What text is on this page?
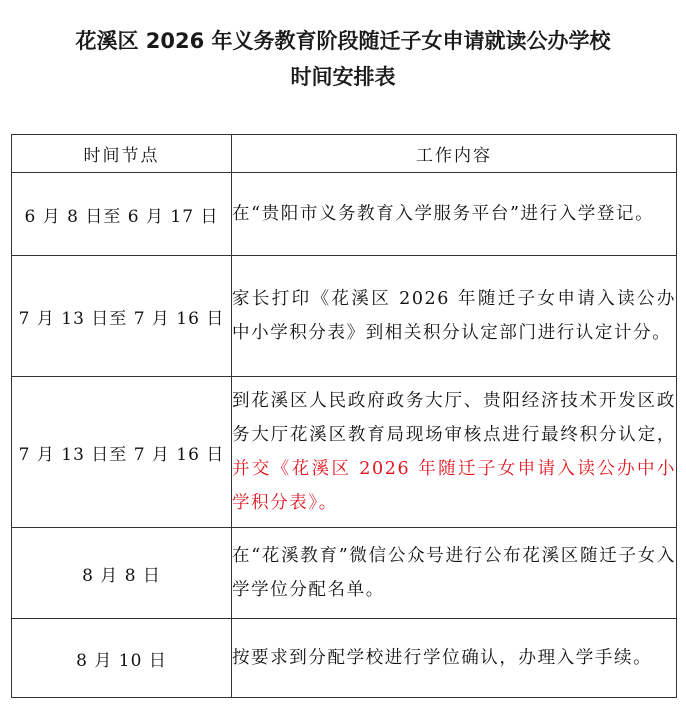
花溪区 2026 年义务教育阶段随迁子女申请就读公办学校
时间安排表
时间节点	工作内容
6 月 8 日至 6 月 17 日	在“贵阳市义务教育入学服务平台”进行入学登记。
7 月 13 日至 7 月 16 日	家长打印《花溪区 2026 年随迁子女申请入读公办中小学积分表》到相关积分认定部门进行认定计分。
7 月 13 日至 7 月 16 日	到花溪区人民政府政务大厅、贵阳经济技术开发区政务大厅花溪区教育局现场审核点进行最终积分认定，并交《花溪区 2026 年随迁子女申请入读公办中小学积分表》。
8 月 8 日	在“花溪教育”微信公众号进行公布花溪区随迁子女入学学位分配名单。
8 月 10 日	按要求到分配学校进行学位确认，办理入学手续。
